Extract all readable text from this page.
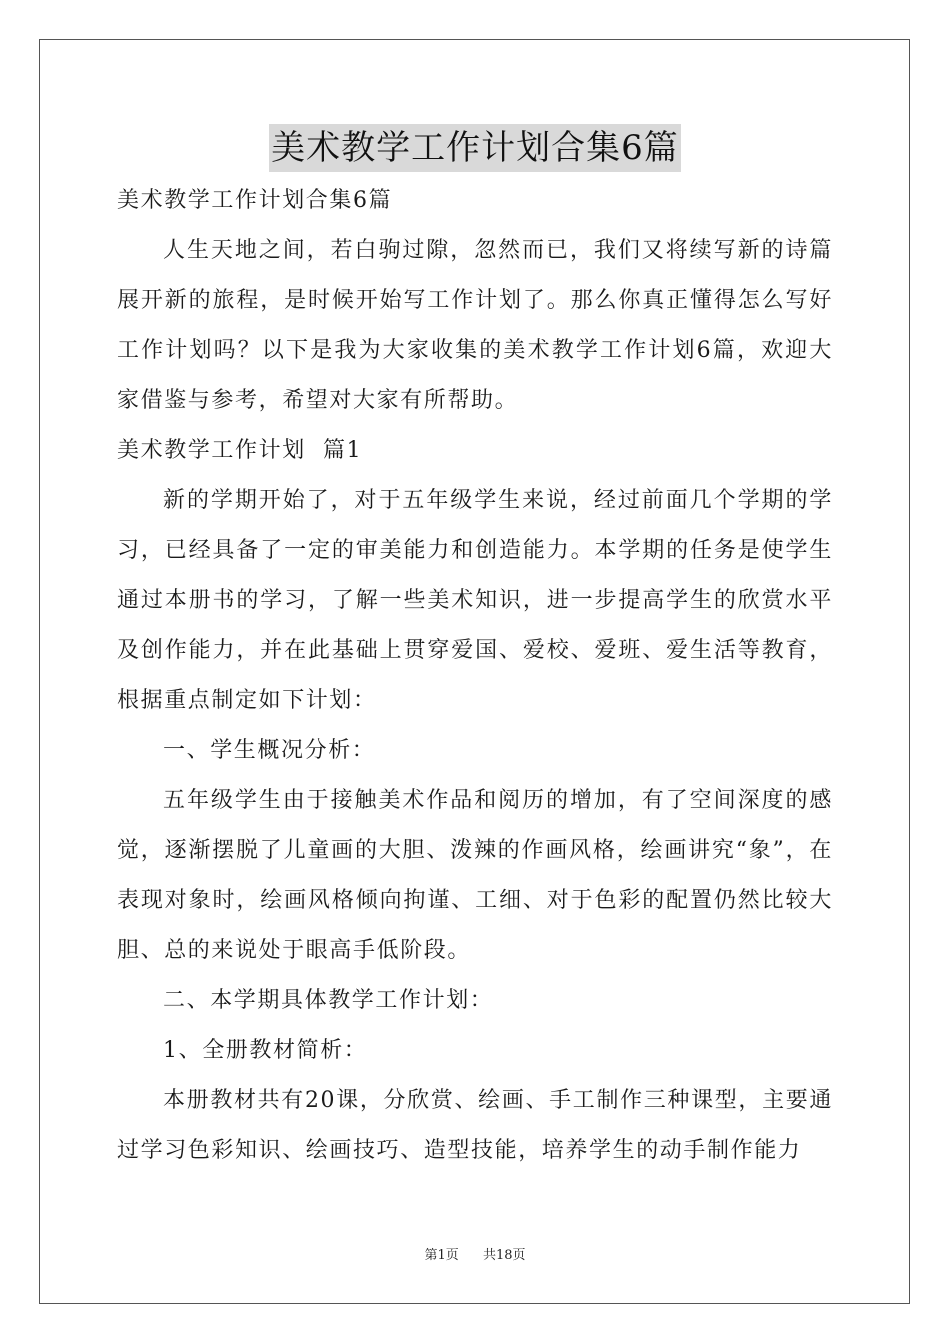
美术教学工作计划合集6篇

美术教学工作计划合集6篇

人生天地之间，若白驹过隙，忽然而已，我们又将续写新的诗篇展开新的旅程，是时候开始写工作计划了。那么你真正懂得怎么写好工作计划吗？以下是我为大家收集的美术教学工作计划6篇，欢迎大家借鉴与参考，希望对大家有所帮助。

美术教学工作计划  篇1

新的学期开始了，对于五年级学生来说，经过前面几个学期的学习，已经具备了一定的审美能力和创造能力。本学期的任务是使学生通过本册书的学习，了解一些美术知识，进一步提高学生的欣赏水平及创作能力，并在此基础上贯穿爱国、爱校、爱班、爱生活等教育，根据重点制定如下计划：

一、学生概况分析：

五年级学生由于接触美术作品和阅历的增加，有了空间深度的感觉，逐渐摆脱了儿童画的大胆、泼辣的作画风格，绘画讲究“象”，在表现对象时，绘画风格倾向拘谨、工细、对于色彩的配置仍然比较大胆、总的来说处于眼高手低阶段。

二、本学期具体教学工作计划：

1、全册教材简析：

本册教材共有20课，分欣赏、绘画、手工制作三种课型，主要通过学习色彩知识、绘画技巧、造型技能，培养学生的动手制作能力

第1页 共18页
